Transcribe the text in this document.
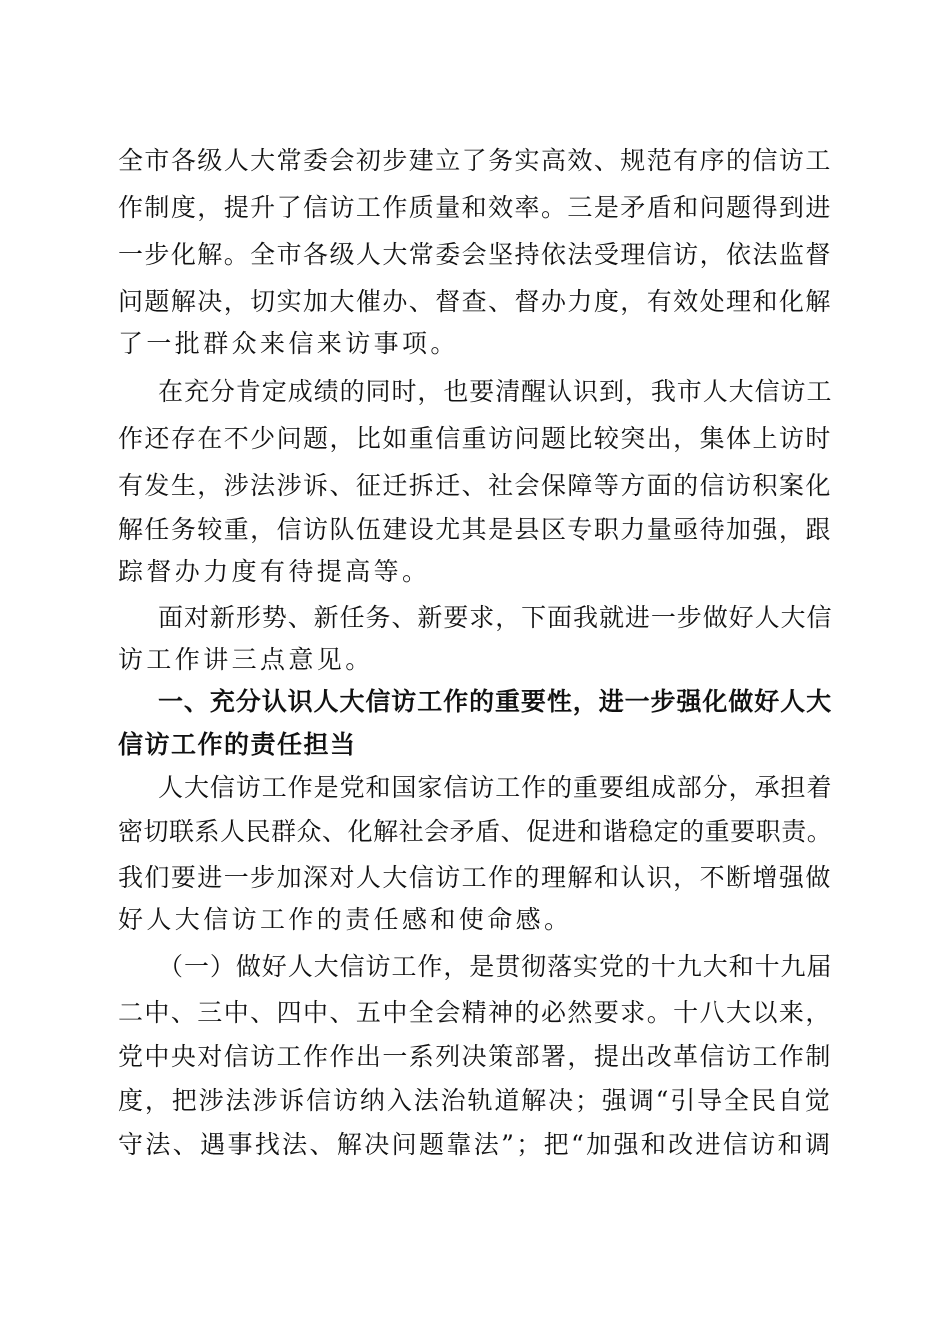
全市各级人大常委会初步建立了务实高效、规范有序的信访工
作制度，提升了信访工作质量和效率。三是矛盾和问题得到进
一步化解。全市各级人大常委会坚持依法受理信访，依法监督
问题解决，切实加大催办、督查、督办力度，有效处理和化解
了一批群众来信来访事项。
在充分肯定成绩的同时，也要清醒认识到，我市人大信访工
作还存在不少问题，比如重信重访问题比较突出，集体上访时
有发生，涉法涉诉、征迁拆迁、社会保障等方面的信访积案化
解任务较重，信访队伍建设尤其是县区专职力量亟待加强，跟
踪督办力度有待提高等。
面对新形势、新任务、新要求，下面我就进一步做好人大信
访工作讲三点意见。
一、充分认识人大信访工作的重要性，进一步强化做好人大
信访工作的责任担当
人大信访工作是党和国家信访工作的重要组成部分，承担着
密切联系人民群众、化解社会矛盾、促进和谐稳定的重要职责。
我们要进一步加深对人大信访工作的理解和认识，不断增强做
好人大信访工作的责任感和使命感。
（一）做好人大信访工作，是贯彻落实党的十九大和十九届
二中、三中、四中、五中全会精神的必然要求。十八大以来，
党中央对信访工作作出一系列决策部署，提出改革信访工作制
度，把涉法涉诉信访纳入法治轨道解决；强调“引导全民自觉
守法、遇事找法、解决问题靠法”；把“加强和改进信访和调
